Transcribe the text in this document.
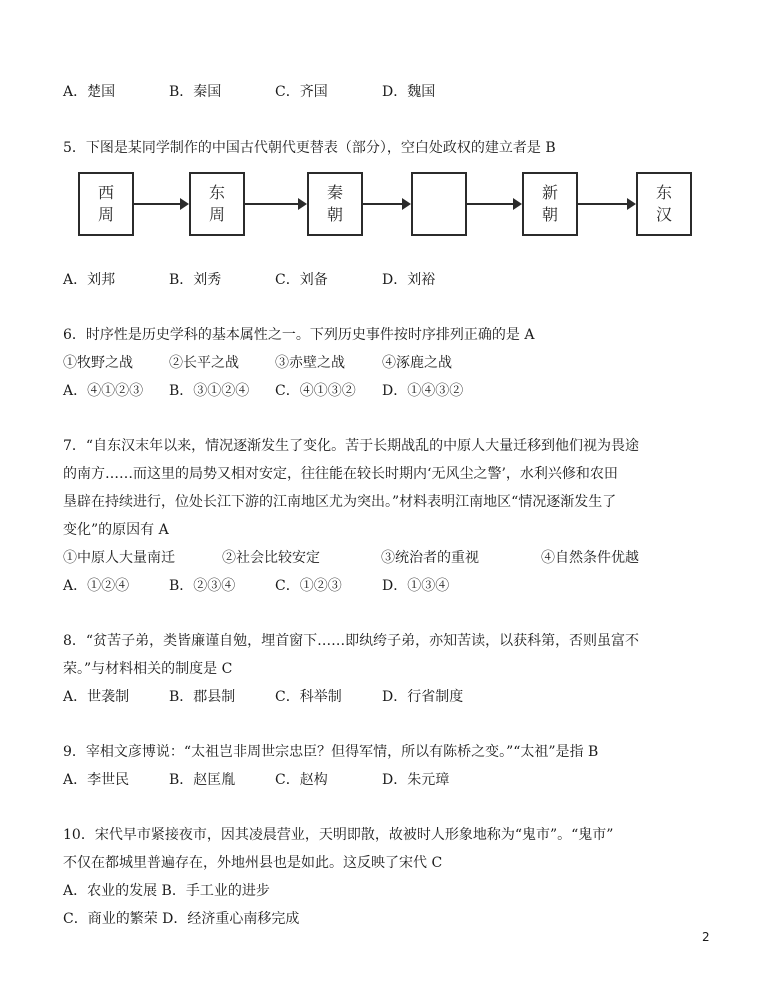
A．楚国	B．秦国	C．齐国	D．魏国
5．下图是某同学制作的中国古代朝代更替表（部分），空白处政权的建立者是 B
西周
东周
秦朝
新朝
东汉
A．刘邦	B．刘秀	C．刘备	D．刘裕
6．时序性是历史学科的基本属性之一。下列历史事件按时序排列正确的是 A
①牧野之战	②长平之战	③赤壁之战	④涿鹿之战
A．④①②③ B．③①②④ C．④①③② D．①④③②
7．“自东汉末年以来，情况逐渐发生了变化。苦于长期战乱的中原人大量迁移到他们视为畏途
的南方……而这里的局势又相对安定，往往能在较长时期内‘无风尘之警’，水利兴修和农田
垦辟在持续进行，位处长江下游的江南地区尤为突出。”材料表明江南地区“情况逐渐发生了
变化”的原因有 A
①中原人大量南迁	②社会比较安定	③统治者的重视	④自然条件优越
A．①②④	B．②③④	C．①②③	D．①③④
8．“贫苦子弟，类皆廉谨自勉，埋首窗下……即纨绔子弟，亦知苦读，以获科第，否则虽富不
荣。”与材料相关的制度是 C
A．世袭制	B．郡县制	C．科举制	D．行省制度
9．宰相文彦博说：“太祖岂非周世宗忠臣？但得军情，所以有陈桥之变。”“太祖”是指 B
A．李世民	B．赵匡胤	C．赵构	D．朱元璋
10．宋代早市紧接夜市，因其凌晨营业，天明即散，故被时人形象地称为“鬼市”。“鬼市”
不仅在都城里普遍存在，外地州县也是如此。这反映了宋代 C
A．农业的发展 B．手工业的进步
C．商业的繁荣 D．经济重心南移完成
2
